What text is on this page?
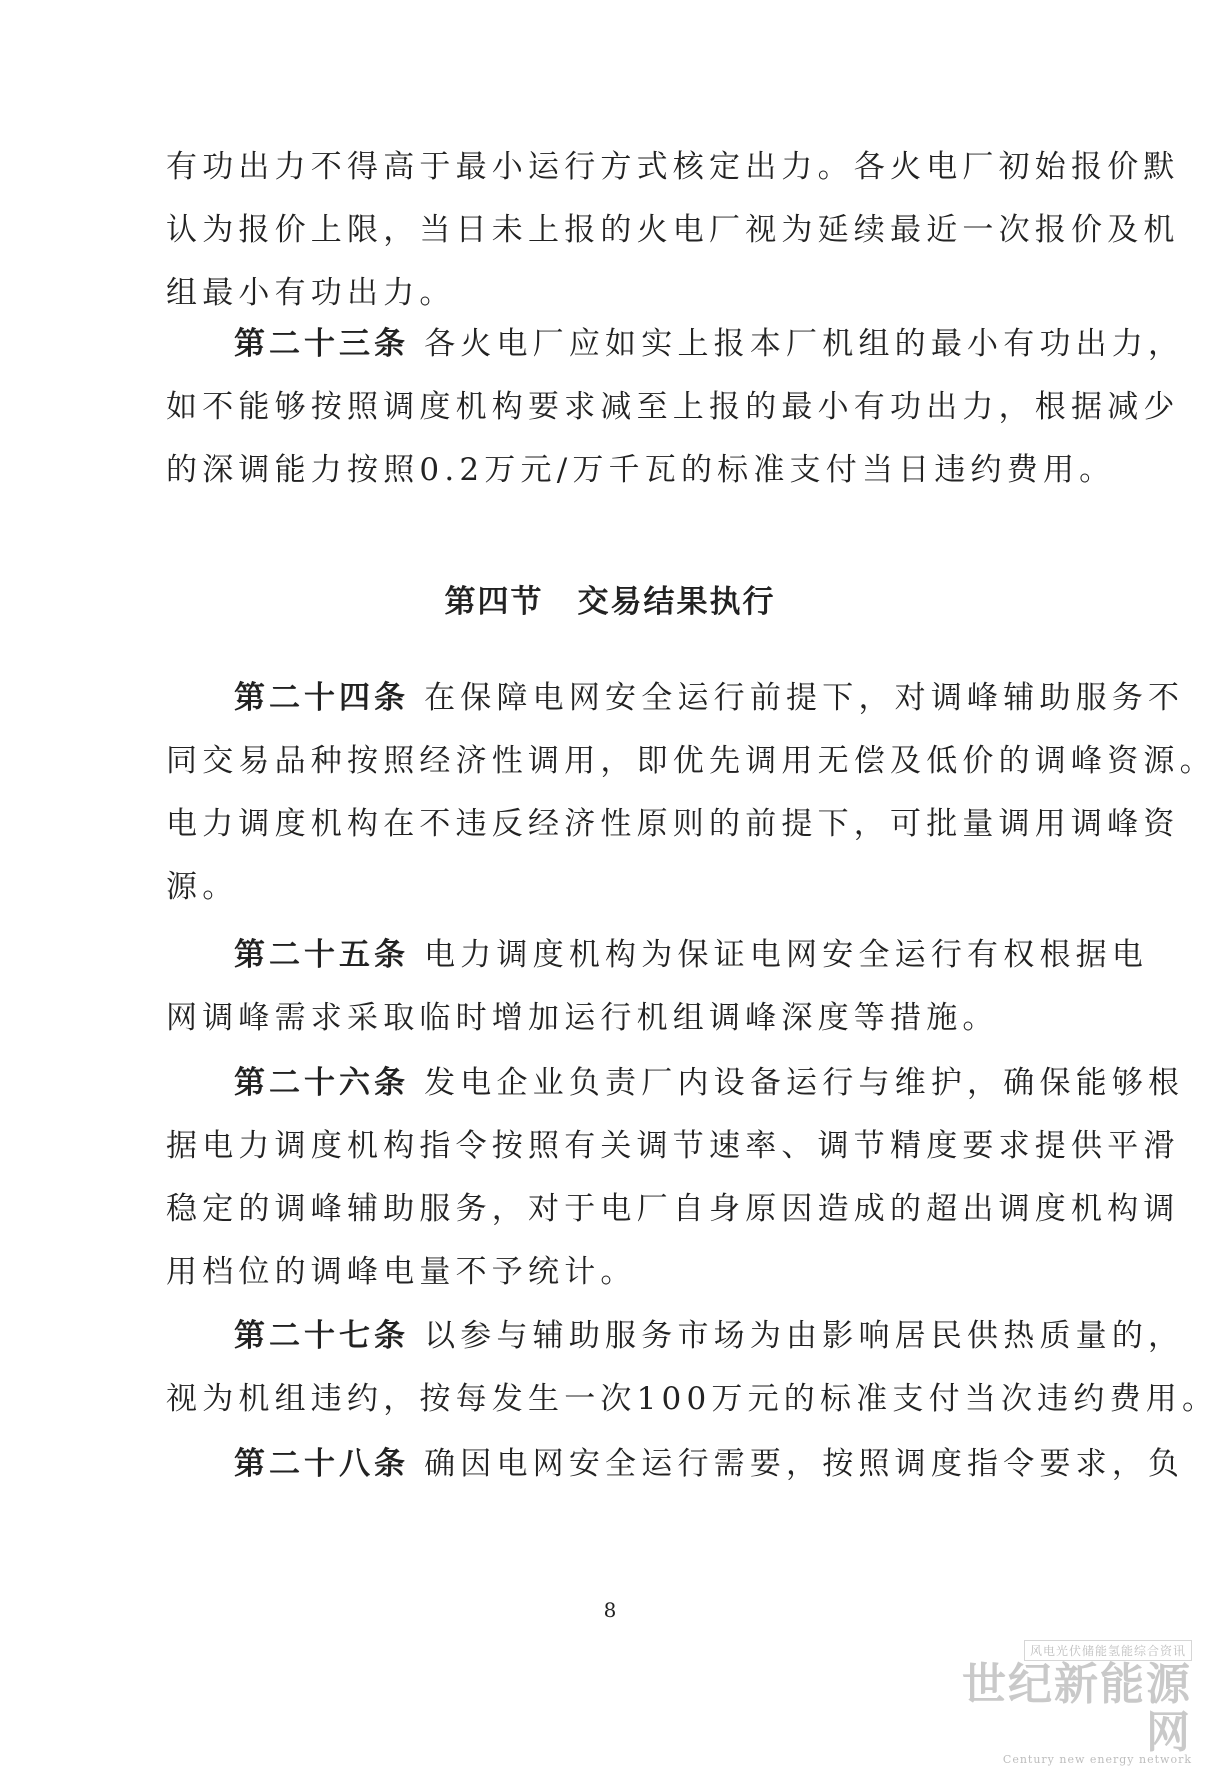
有功出力不得高于最小运行方式核定出力。各火电厂初始报价默
认为报价上限，当日未上报的火电厂视为延续最近一次报价及机
组最小有功出力。
第二十三条 各火电厂应如实上报本厂机组的最小有功出力，
如不能够按照调度机构要求减至上报的最小有功出力，根据减少
的深调能力按照0.2万元/万千瓦的标准支付当日违约费用。
第四节 交易结果执行
第二十四条 在保障电网安全运行前提下，对调峰辅助服务不
同交易品种按照经济性调用，即优先调用无偿及低价的调峰资源。
电力调度机构在不违反经济性原则的前提下，可批量调用调峰资
源。
第二十五条 电力调度机构为保证电网安全运行有权根据电
网调峰需求采取临时增加运行机组调峰深度等措施。
第二十六条 发电企业负责厂内设备运行与维护，确保能够根
据电力调度机构指令按照有关调节速率、调节精度要求提供平滑
稳定的调峰辅助服务，对于电厂自身原因造成的超出调度机构调
用档位的调峰电量不予统计。
第二十七条 以参与辅助服务市场为由影响居民供热质量的，
视为机组违约，按每发生一次100万元的标准支付当次违约费用。
第二十八条 确因电网安全运行需要，按照调度指令要求，负
8
风电光伏储能氢能综合资讯
世纪新能源网
Century new energy network
